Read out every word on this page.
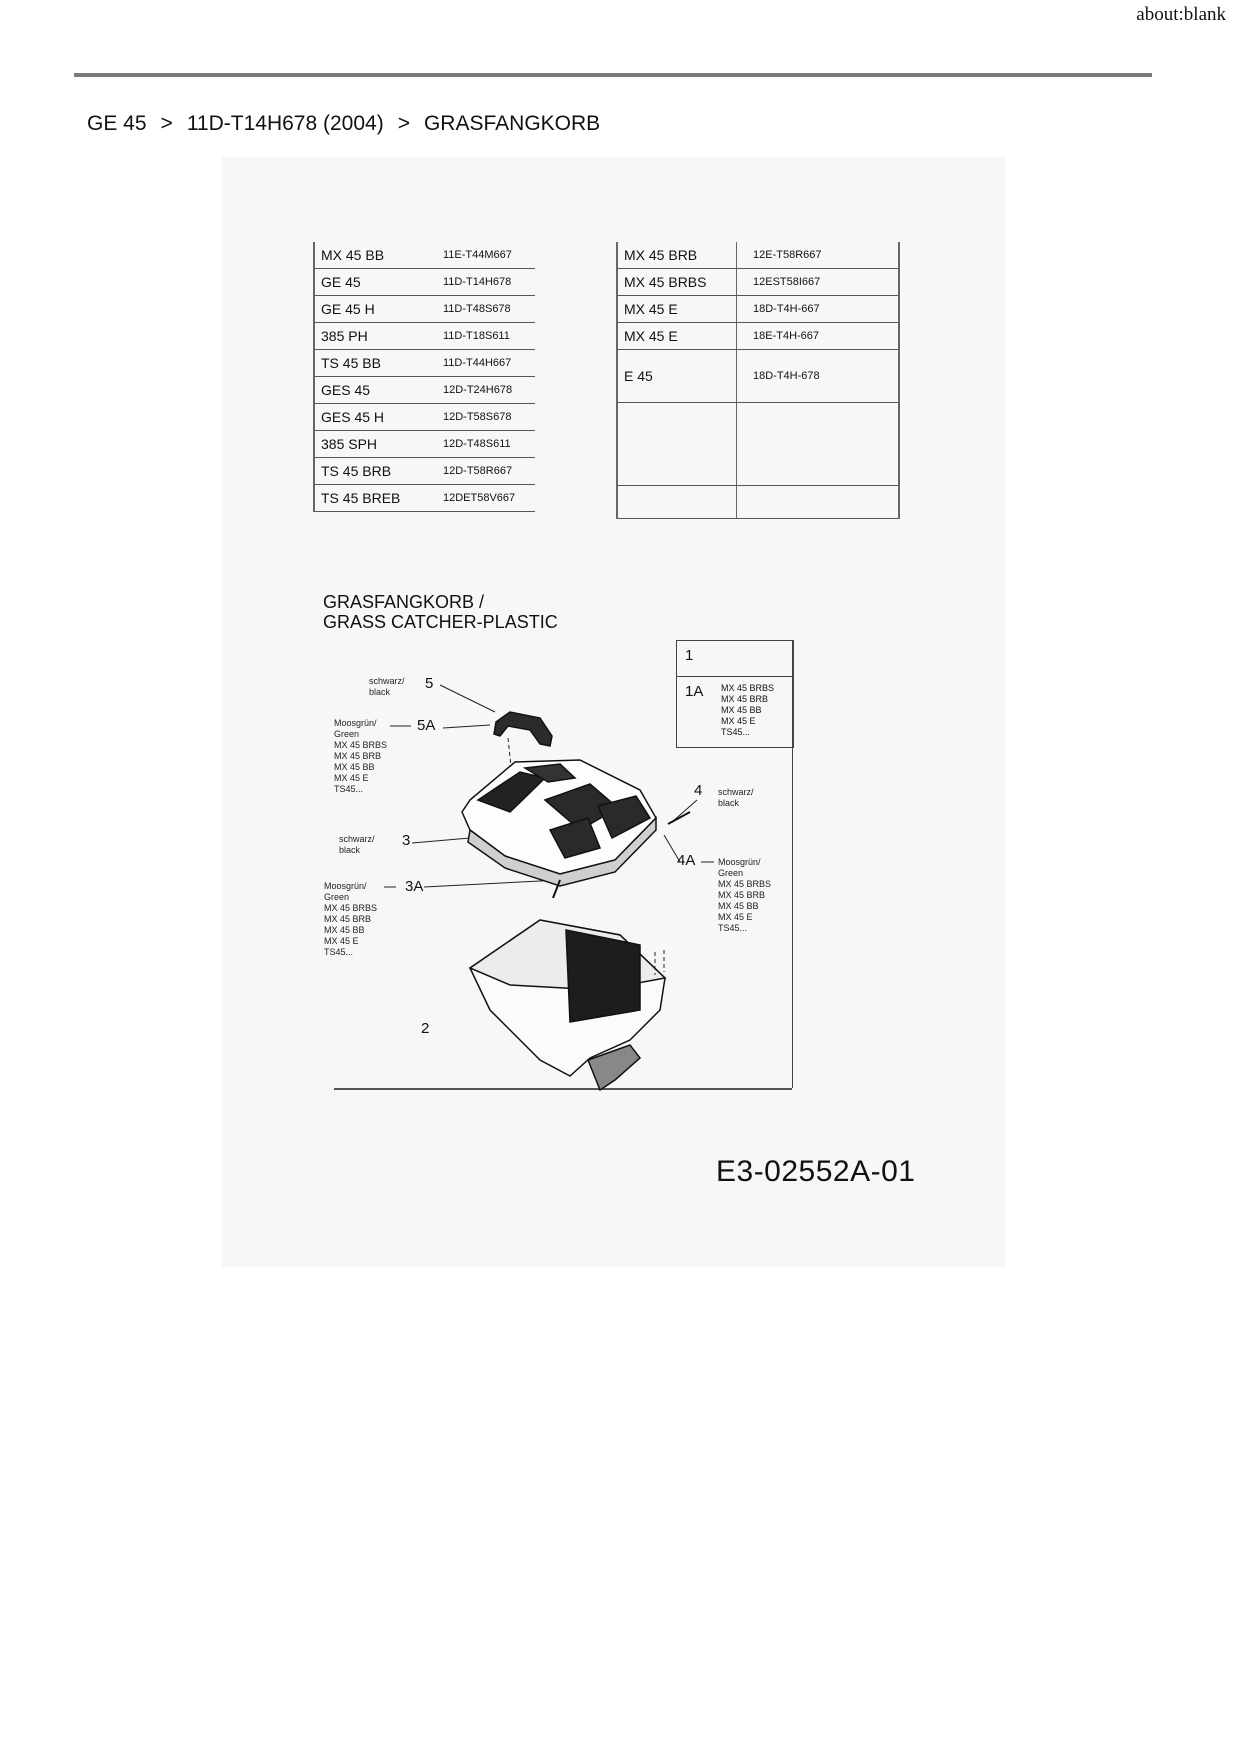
about:blank
GE 45 > 11D-T14H678 (2004) > GRASFANGKORB
MX 45 BB	11E-T44M667
GE 45	11D-T14H678
GE 45 H	11D-T48S678
385 PH	11D-T18S611
TS 45 BB	11D-T44H667
GES 45	12D-T24H678
GES 45 H	12D-T58S678
385 SPH	12D-T48S611
TS 45 BRB	12D-T58R667
TS 45 BREB	12DET58V667
MX 45 BRB	12E-T58R667
MX 45 BRBS	12EST58I667
MX 45 E	18D-T4H-667
MX 45 E	18E-T4H-667
E 45	18D-T4H-678

GRASFANGKORB /
GRASS CATCHER-PLASTIC
1
1A MX 45 BRBS
MX 45 BRB
MX 45 BB
MX 45 E
TS45...
schwarz/
black	5
Moosgrün/
Green
MX 45 BRBS
MX 45 BRB
MX 45 BB
MX 45 E
TS45...
5A
schwarz/
black
3
Moosgrün/
Green
MX 45 BRBS
MX 45 BRB
MX 45 BB
MX 45 E
TS45...
3A
4 schwarz/
black
4A	Moosgrün/
Green
MX 45 BRBS
MX 45 BRB
MX 45 BB
MX 45 E
TS45...
2
E3-02552A-01
